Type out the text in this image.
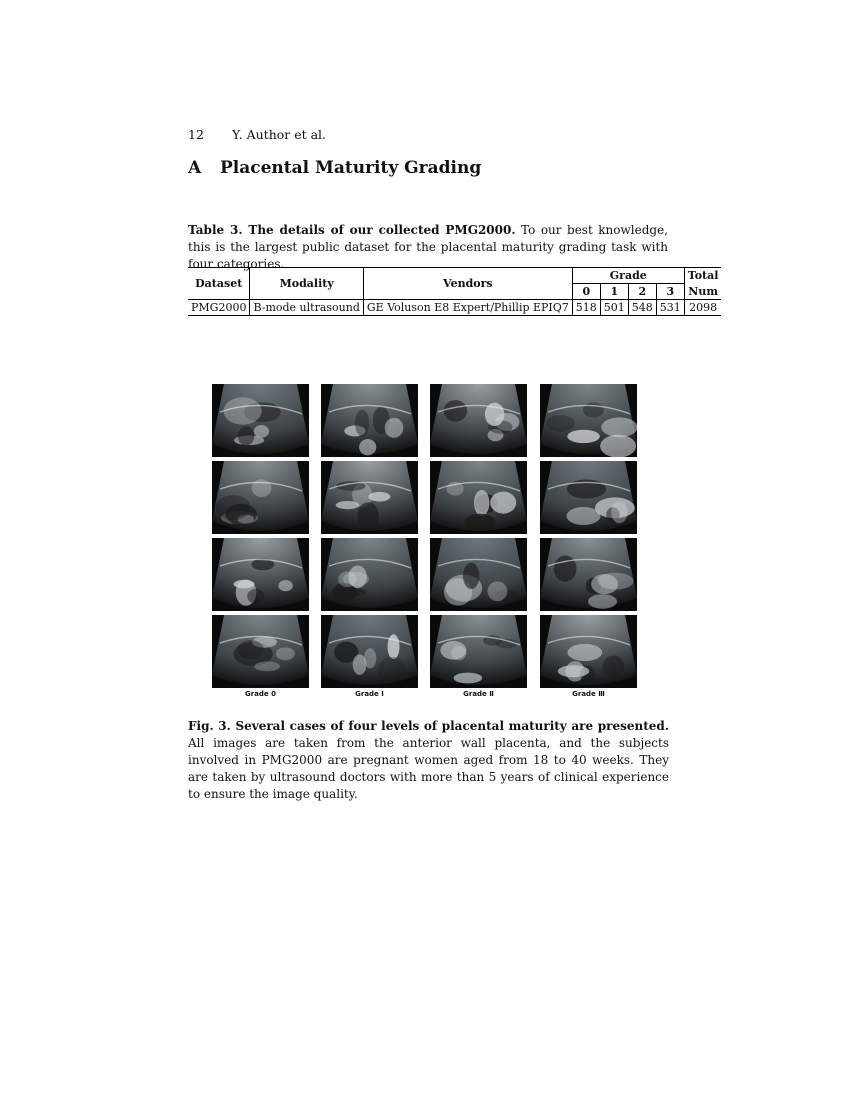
12 Y. Author et al.
A Placental Maturity Grading
Table 3. The details of our collected PMG2000. To our best knowledge, this is the largest public dataset for the placental maturity grading task with four categories.
Dataset	Modality	Vendors	Grade				Total
			0	1	2	3	Num
PMG2000	B-mode ultrasound	GE Voluson E8 Expert/Phillip EPIQ7	518	501	548	531	2098
Grade 0	Grade Ⅰ	Grade Ⅱ	Grade Ⅲ
Fig. 3. Several cases of four levels of placental maturity are presented. All images are taken from the anterior wall placenta, and the subjects involved in PMG2000 are pregnant women aged from 18 to 40 weeks. They are taken by ultrasound doctors with more than 5 years of clinical experience to ensure the image quality.
